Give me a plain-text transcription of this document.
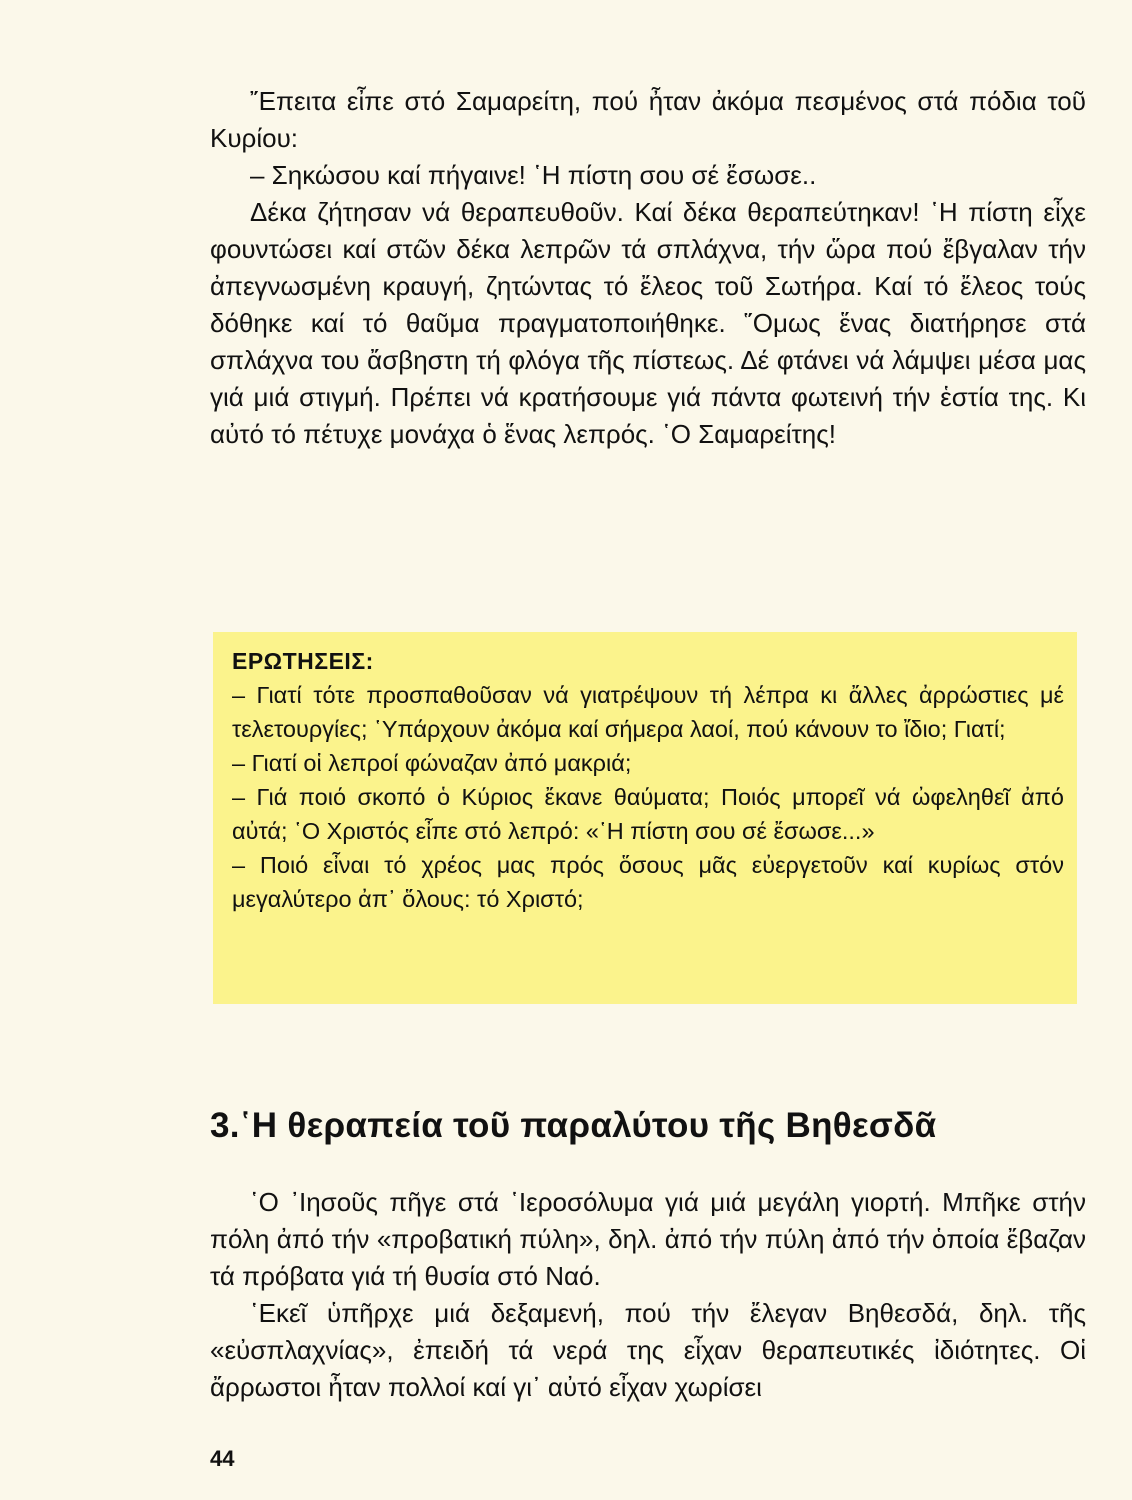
῎Επειτα εἶπε στό Σαμαρείτη, πού ἦταν ἀκόμα πεσμένος στά πόδια τοῦ Κυρίου:

– Σηκώσου καί πήγαινε! ῾Η πίστη σου σέ ἔσωσε..

Δέκα ζήτησαν νά θεραπευθοῦν. Καί δέκα θεραπεύτηκαν! ῾Η πίστη εἶχε φουντώσει καί στῶν δέκα λεπρῶν τά σπλάχνα, τήν ὥρα πού ἔβγαλαν τήν ἀπεγνωσμένη κραυγή, ζητώντας τό ἔλεος τοῦ Σωτήρα. Καί τό ἔλεος τούς δόθηκε καί τό θαῦμα πραγματοποιήθηκε. ῞Ομως ἕνας διατήρησε στά σπλάχνα του ἄσβηστη τή φλόγα τῆς πίστεως. Δέ φτάνει νά λάμψει μέσα μας γιά μιά στιγμή. Πρέπει νά κρατήσουμε γιά πάντα φωτεινή τήν ἑστία της. Κι αὐτό τό πέτυχε μονάχα ὁ ἕνας λεπρός. ῾Ο Σαμαρείτης!

ΕΡΩΤΗΣΕΙΣ:

– Γιατί τότε προσπαθοῦσαν νά γιατρέψουν τή λέπρα κι ἄλλες ἀρρώστιες μέ τελετουργίες; ῾Υπάρχουν ἀκόμα καί σήμερα λαοί, πού κάνουν το ἴδιο; Γιατί;
– Γιατί οἱ λεπροί φώναζαν ἀπό μακριά;
– Γιά ποιό σκοπό ὁ Κύριος ἔκανε θαύματα; Ποιός μπορεῖ νά ὠφεληθεῖ ἀπό αὐτά; ῾Ο Χριστός εἶπε στό λεπρό: «῾Η πίστη σου σέ ἔσωσε...»
– Ποιό εἶναι τό χρέος μας πρός ὅσους μᾶς εὐεργετοῦν καί κυρίως στόν μεγαλύτερο ἀπ᾽ ὅλους: τό Χριστό;
3.῾Η θεραπεία τοῦ παραλύτου τῆς Βηθεσδᾶ

῾Ο ᾽Ιησοῦς πῆγε στά ῾Ιεροσόλυμα γιά μιά μεγάλη γιορτή. Μπῆκε στήν πόλη ἀπό τήν «προβατική πύλη», δηλ. ἀπό τήν πύλη ἀπό τήν ὁποία ἔβαζαν τά πρόβατα γιά τή θυσία στό Ναό.

῾Εκεῖ ὑπῆρχε μιά δεξαμενή, πού τήν ἔλεγαν Βηθεσδά, δηλ. τῆς «εὐσπλαχνίας», ἐπειδή τά νερά της εἶχαν θεραπευτικές ἰδιότητες. Οἱ ἄρρωστοι ἦταν πολλοί καί γι᾽ αὐτό εἶχαν χωρίσει

44
